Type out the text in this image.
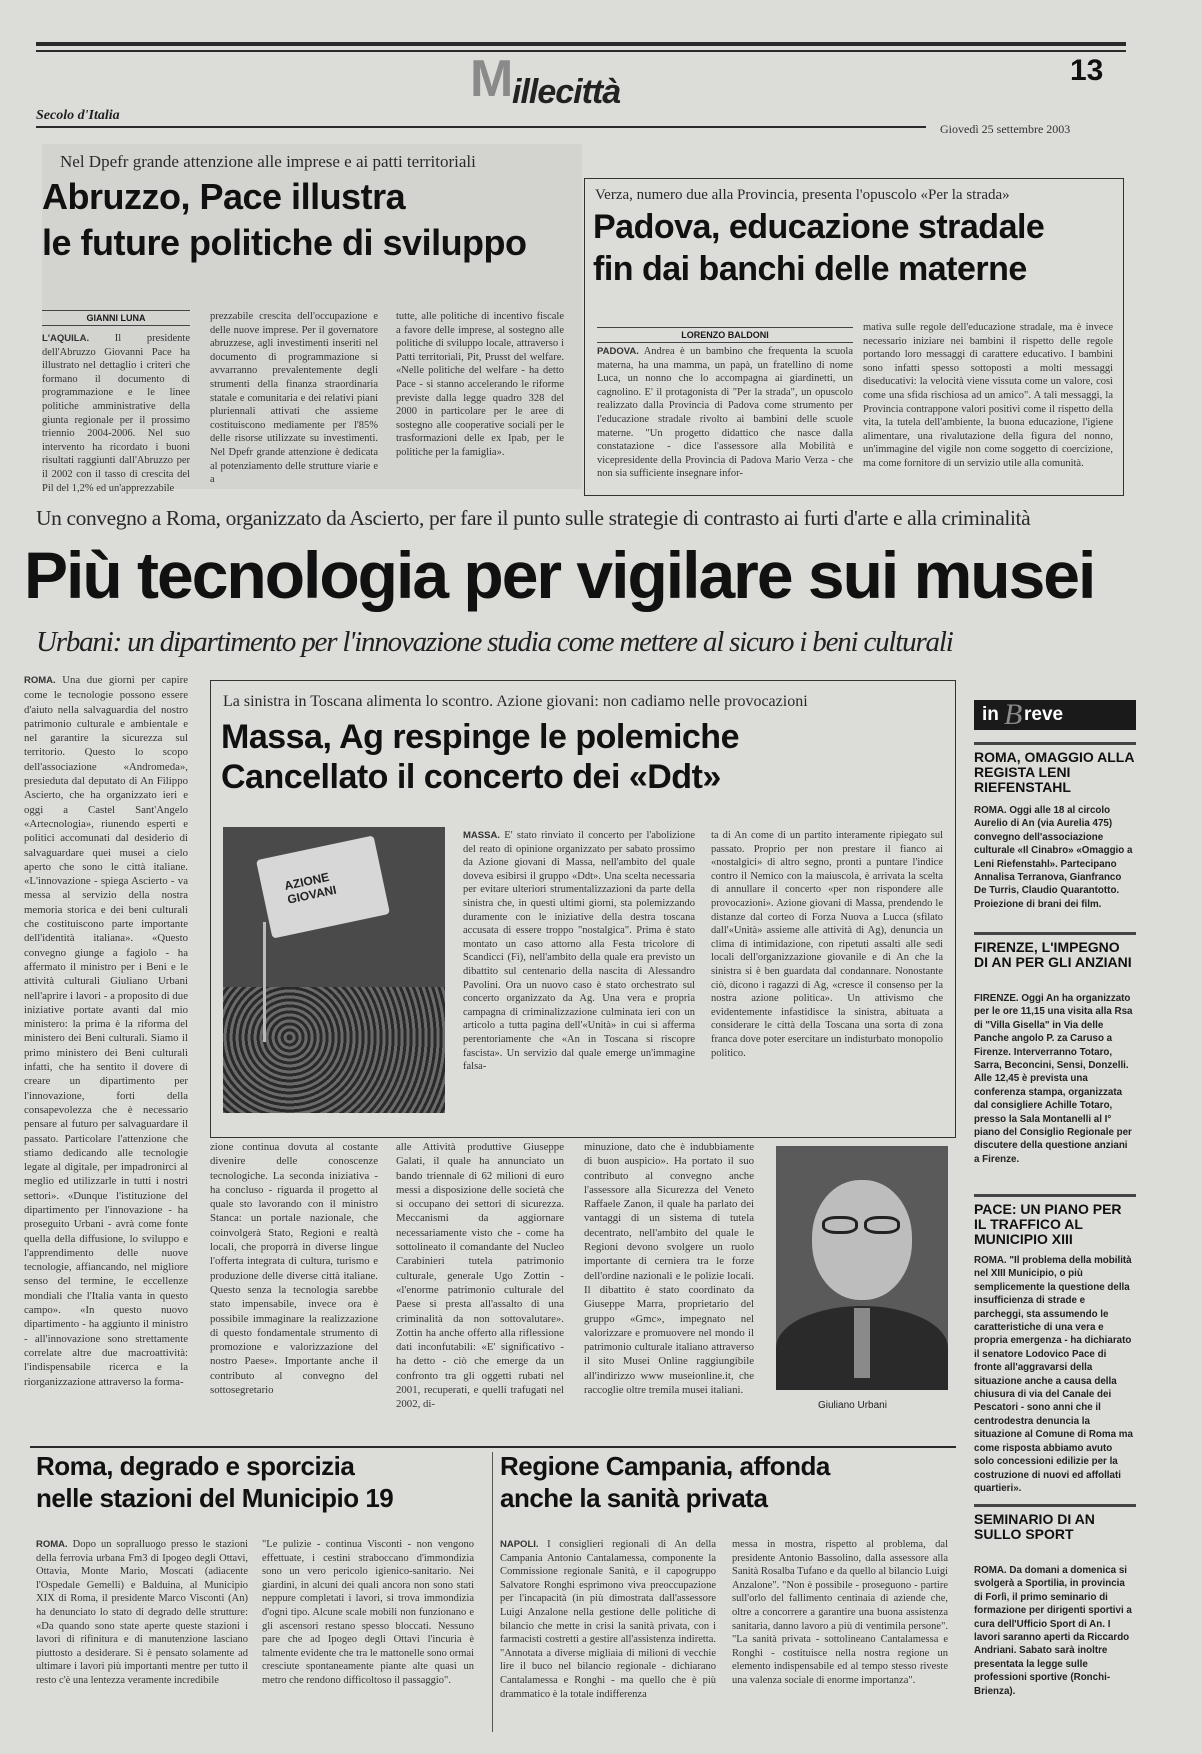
M illecittà
13
Secolo d'Italia
Giovedì 25 settembre 2003
Nel Dpefr grande attenzione alle imprese e ai patti territoriali
Abruzzo, Pace illustra
le future politiche di sviluppo
GIANNI LUNA
L'AQUILA. Il presidente dell'Abruzzo Giovanni Pace ha illustrato nel dettaglio i criteri che formano il documento di programmazione e le linee politiche amministrative della giunta regionale per il prossimo triennio 2004-2006. Nel suo intervento ha ricordato i buoni risultati raggiunti dall'Abruzzo per il 2002 con il tasso di crescita del Pil del 1,2% ed un'apprezzabile
prezzabile crescita dell'occupazione e delle nuove imprese. Per il governatore abruzzese, agli investimenti inseriti nel documento di programmazione si avvarranno prevalentemente degli strumenti della finanza straordinaria statale e comunitaria e dei relativi piani pluriennali attivati che assieme costituiscono mediamente per l'85% delle risorse utilizzate su investimenti. Nel Dpefr grande attenzione è dedicata al potenziamento delle strutture viarie e a
tutte, alle politiche di incentivo fiscale a favore delle imprese, al sostegno alle politiche di sviluppo locale, attraverso i Patti territoriali, Pit, Prusst del welfare. «Nelle politiche del welfare - ha detto Pace - si stanno accelerando le riforme previste dalla legge quadro 328 del 2000 in particolare per le aree di sostegno alle cooperative sociali per le trasformazioni delle ex Ipab, per le politiche per la famiglia».
Verza, numero due alla Provincia, presenta l'opuscolo «Per la strada»
Padova, educazione stradale
fin dai banchi delle materne
LORENZO BALDONI
PADOVA. Andrea è un bambino che frequenta la scuola materna, ha una mamma, un papà, un fratellino di nome Luca, un nonno che lo accompagna ai giardinetti, un cagnolino. E' il protagonista di "Per la strada", un opuscolo realizzato dalla Provincia di Padova come strumento per l'educazione stradale rivolto ai bambini delle scuole materne. "Un progetto didattico che nasce dalla constatazione - dice l'assessore alla Mobilità e vicepresidente della Provincia di Padova Mario Verza - che non sia sufficiente insegnare infor-
mativa sulle regole dell'educazione stradale, ma è invece necessario iniziare nei bambini il rispetto delle regole portando loro messaggi di carattere educativo. I bambini sono infatti spesso sottoposti a molti messaggi diseducativi: la velocità viene vissuta come un valore, così come una sfida rischiosa ad un amico". A tali messaggi, la Provincia contrappone valori positivi come il rispetto della vita, la tutela dell'ambiente, la buona educazione, l'igiene alimentare, una rivalutazione della figura del nonno, un'immagine del vigile non come soggetto di coercizione, ma come fornitore di un servizio utile alla comunità.
Un convegno a Roma, organizzato da Ascierto, per fare il punto sulle strategie di contrasto ai furti d'arte e alla criminalità
Più tecnologia per vigilare sui musei
Urbani: un dipartimento per l'innovazione studia come mettere al sicuro i beni culturali
ROMA. Una due giorni per capire come le tecnologie possono essere d'aiuto nella salvaguardia del nostro patrimonio culturale e ambientale e nel garantire la sicurezza sul territorio. Questo lo scopo dell'associazione «Andromeda», presieduta dal deputato di An Filippo Ascierto, che ha organizzato ieri e oggi a Castel Sant'Angelo «Artecnologia», riunendo esperti e politici accomunati dal desiderio di salvaguardare quei musei a cielo aperto che sono le città italiane. «L'innovazione - spiega Ascierto - va messa al servizio della nostra memoria storica e dei beni culturali che costituiscono parte importante dell'identità italiana». «Questo convegno giunge a fagiolo - ha affermato il ministro per i Beni e le attività culturali Giuliano Urbani nell'aprire i lavori - a proposito di due iniziative portate avanti dal mio ministero: la prima è la riforma del ministero dei Beni culturali. Siamo il primo ministero dei Beni culturali infatti, che ha sentito il dovere di creare un dipartimento per l'innovazione, forti della consapevolezza che è necessario pensare al futuro per salvaguardare il passato. Particolare l'attenzione che stiamo dedicando alle tecnologie legate al digitale, per impadronirci al meglio ed utilizzarle in tutti i nostri settori». «Dunque l'istituzione del dipartimento per l'innovazione - ha proseguito Urbani - avrà come fonte quella della diffusione, lo sviluppo e l'apprendimento delle nuove tecnologie, affiancando, nel migliore senso del termine, le eccellenze mondiali che l'Italia vanta in questo campo». «In questo nuovo dipartimento - ha aggiunto il ministro - all'innovazione sono strettamente correlate altre due macroattività: l'indispensabile ricerca e la riorganizzazione attraverso la forma-
La sinistra in Toscana alimenta lo scontro. Azione giovani: non cadiamo nelle provocazioni
Massa, Ag respinge le polemiche
Cancellato il concerto dei «Ddt»
AZIONE GIOVANI
MASSA. E' stato rinviato il concerto per l'abolizione del reato di opinione organizzato per sabato prossimo da Azione giovani di Massa, nell'ambito del quale doveva esibirsi il gruppo «Ddt». Una scelta necessaria per evitare ulteriori strumentalizzazioni da parte della sinistra che, in questi ultimi giorni, sta polemizzando duramente con le iniziative della destra toscana accusata di essere troppo "nostalgica". Prima è stato montato un caso attorno alla Festa tricolore di Scandicci (Fi), nell'ambito della quale era previsto un dibattito sul centenario della nascita di Alessandro Pavolini. Ora un nuovo caso è stato orchestrato sul concerto organizzato da Ag. Una vera e propria campagna di criminalizzazione culminata ieri con un articolo a tutta pagina dell'«Unità» in cui si afferma perentoriamente che «An in Toscana si riscopre fascista». Un servizio dal quale emerge un'immagine falsa-
ta di An come di un partito interamente ripiegato sul passato. Proprio per non prestare il fianco ai «nostalgici» di altro segno, pronti a puntare l'indice contro il Nemico con la maiuscola, è arrivata la scelta di annullare il concerto «per non rispondere alle provocazioni». Azione giovani di Massa, prendendo le distanze dal corteo di Forza Nuova a Lucca (sfilato dall'«Unità» assieme alle attività di Ag), denuncia un clima di intimidazione, con ripetuti assalti alle sedi locali dell'organizzazione giovanile e di An che la sinistra si è ben guardata dal condannare. Nonostante ciò, dicono i ragazzi di Ag, «cresce il consenso per la nostra azione politica». Un attivismo che evidentemente infastidisce la sinistra, abituata a considerare le città della Toscana una sorta di zona franca dove poter esercitare un indisturbato monopolio politico.
zione continua dovuta al costante divenire delle conoscenze tecnologiche. La seconda iniziativa - ha concluso - riguarda il progetto al quale sto lavorando con il ministro Stanca: un portale nazionale, che coinvolgerà Stato, Regioni e realtà locali, che proporrà in diverse lingue l'offerta integrata di cultura, turismo e produzione delle diverse città italiane. Questo senza la tecnologia sarebbe stato impensabile, invece ora è possibile immaginare la realizzazione di questo fondamentale strumento di promozione e valorizzazione del nostro Paese». Importante anche il contributo al convegno del sottosegretario
alle Attività produttive Giuseppe Galati, il quale ha annunciato un bando triennale di 62 milioni di euro messi a disposizione delle società che si occupano dei settori di sicurezza. Meccanismi da aggiornare necessariamente visto che - come ha sottolineato il comandante del Nucleo Carabinieri tutela patrimonio culturale, generale Ugo Zottin - «l'enorme patrimonio culturale del Paese si presta all'assalto di una criminalità da non sottovalutare». Zottin ha anche offerto alla riflessione dati inconfutabili: «E' significativo - ha detto - ciò che emerge da un confronto tra gli oggetti rubati nel 2001, recuperati, e quelli trafugati nel 2002, di-
minuzione, dato che è indubbiamente di buon auspicio». Ha portato il suo contributo al convegno anche l'assessore alla Sicurezza del Veneto Raffaele Zanon, il quale ha parlato dei vantaggi di un sistema di tutela decentrato, nell'ambito del quale le Regioni devono svolgere un ruolo importante di cerniera tra le forze dell'ordine nazionali e le polizie locali. Il dibattito è stato coordinato da Giuseppe Marra, proprietario del gruppo «Gmc», impegnato nel valorizzare e promuovere nel mondo il patrimonio culturale italiano attraverso il sito Musei Online raggiungibile all'indirizzo www museionline.it, che raccoglie oltre tremila musei italiani.
Giuliano Urbani
in B reve
ROMA, OMAGGIO ALLA REGISTA LENI RIEFENSTAHL
ROMA. Oggi alle 18 al circolo Aurelio di An (via Aurelia 475) convegno dell'associazione culturale «Il Cinabro» «Omaggio a Leni Riefenstahl». Partecipano Annalisa Terranova, Gianfranco De Turris, Claudio Quarantotto. Proiezione di brani dei film.
FIRENZE, L'IMPEGNO DI AN PER GLI ANZIANI
FIRENZE. Oggi An ha organizzato per le ore 11,15 una visita alla Rsa di "Villa Gisella" in Via delle Panche angolo P. za Caruso a Firenze. Interverranno Totaro, Sarra, Beconcini, Sensi, Donzelli. Alle 12,45 è prevista una conferenza stampa, organizzata dal consigliere Achille Totaro, presso la Sala Montanelli al I° piano del Consiglio Regionale per discutere della questione anziani a Firenze.
PACE: UN PIANO PER IL TRAFFICO AL MUNICIPIO XIII
ROMA. "Il problema della mobilità nel XIII Municipio, o più semplicemente la questione della insufficienza di strade e parcheggi, sta assumendo le caratteristiche di una vera e propria emergenza - ha dichiarato il senatore Lodovico Pace di fronte all'aggravarsi della situazione anche a causa della chiusura di via del Canale dei Pescatori - sono anni che il centrodestra denuncia la situazione al Comune di Roma ma come risposta abbiamo avuto solo concessioni edilizie per la costruzione di nuovi ed affollati quartieri».
SEMINARIO DI AN SULLO SPORT
ROMA. Da domani a domenica si svolgerà a Sportilia, in provincia di Forlì, il primo seminario di formazione per dirigenti sportivi a cura dell'Ufficio Sport di An. I lavori saranno aperti da Riccardo Andriani. Sabato sarà inoltre presentata la legge sulle professioni sportive (Ronchi-Brienza).
Roma, degrado e sporcizia
nelle stazioni del Municipio 19
ROMA. Dopo un sopralluogo presso le stazioni della ferrovia urbana Fm3 di Ipogeo degli Ottavi, Ottavia, Monte Mario, Moscati (adiacente l'Ospedale Gemelli) e Balduina, al Municipio XIX di Roma, il presidente Marco Visconti (An) ha denunciato lo stato di degrado delle strutture: «Da quando sono state aperte queste stazioni i lavori di rifinitura e di manutenzione lasciano piuttosto a desiderare. Si è pensato solamente ad ultimare i lavori più importanti mentre per tutto il resto c'è una lentezza veramente incredibile
"Le pulizie - continua Visconti - non vengono effettuate, i cestini straboccano d'immondizia sono un vero pericolo igienico-sanitario. Nei giardini, in alcuni dei quali ancora non sono stati neppure completati i lavori, si trova immondizia d'ogni tipo. Alcune scale mobili non funzionano e gli ascensori restano spesso bloccati. Nessuno pare che ad Ipogeo degli Ottavi l'incuria è talmente evidente che tra le mattonelle sono ormai cresciute spontaneamente piante alte quasi un metro che rendono difficoltoso il passaggio".
Regione Campania, affonda
anche la sanità privata
NAPOLI. I consiglieri regionali di An della Campania Antonio Cantalamessa, componente la Commissione regionale Sanità, e il capogruppo Salvatore Ronghi esprimono viva preoccupazione per l'incapacità (in più dimostrata dall'assessore Luigi Anzalone nella gestione delle politiche di bilancio che mette in crisi la sanità privata, con i farmacisti costretti a gestire all'assistenza indiretta. "Annotata a diverse migliaia di milioni di vecchie lire il buco nel bilancio regionale - dichiarano Cantalamessa e Ronghi - ma quello che è più drammatico è la totale indifferenza
messa in mostra, rispetto al problema, dal presidente Antonio Bassolino, dalla assessore alla Sanità Rosalba Tufano e da quello al bilancio Luigi Anzalone". "Non è possibile - proseguono - partire sull'orlo del fallimento centinaia di aziende che, oltre a concorrere a garantire una buona assistenza sanitaria, danno lavoro a più di ventimila persone". "La sanità privata - sottolineano Cantalamessa e Ronghi - costituisce nella nostra regione un elemento indispensabile ed al tempo stesso riveste una valenza sociale di enorme importanza".
